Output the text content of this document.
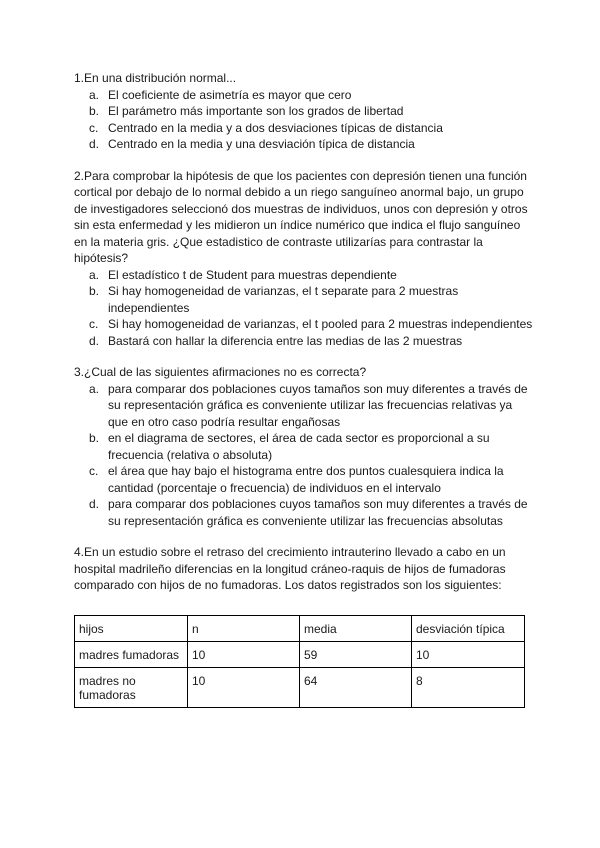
1.En una distribución normal...

a. El coeficiente de asimetría es mayor que cero
b. El parámetro más importante son los grados de libertad
c. Centrado en la media y a dos desviaciones típicas de distancia
d. Centrado en la media y una desviación típica de distancia

2.Para comprobar la hipótesis de que los pacientes con depresión tienen una función cortical por debajo de lo normal debido a un riego sanguíneo anormal bajo, un grupo de investigadores seleccionó dos muestras de individuos, unos con depresión y otros sin esta enfermedad y les midieron un índice numérico que indica el flujo sanguíneo en la materia gris. ¿Que estadistico de contraste utilizarías para contrastar la hipótesis?

a. El estadístico t de Student para muestras dependiente
b. Si hay homogeneidad de varianzas, el t separate para 2 muestras independientes
c. Si hay homogeneidad de varianzas, el t pooled para 2 muestras independientes
d. Bastará con hallar la diferencia entre las medias de las 2 muestras

3.¿Cual de las siguientes afirmaciones no es correcta?

a. para comparar dos poblaciones cuyos tamaños son muy diferentes a través de su representación gráfica es conveniente utilizar las frecuencias relativas ya que en otro caso podría resultar engañosas
b. en el diagrama de sectores, el área de cada sector es proporcional a su frecuencia (relativa o absoluta)
c. el área que hay bajo el histograma entre dos puntos cualesquiera indica la cantidad (porcentaje o frecuencia) de individuos en el intervalo
d. para comparar dos poblaciones cuyos tamaños son muy diferentes a través de su representación gráfica es conveniente utilizar las frecuencias absolutas

4.En un estudio sobre el retraso del crecimiento intrauterino llevado a cabo en un hospital madrileño diferencias en la longitud cráneo-raquis de hijos de fumadoras comparado con hijos de no fumadoras. Los datos registrados son los siguientes:

hijos	n	media	desviación típica
madres fumadoras	10	59	10
madres no fumadoras	10	64	8
